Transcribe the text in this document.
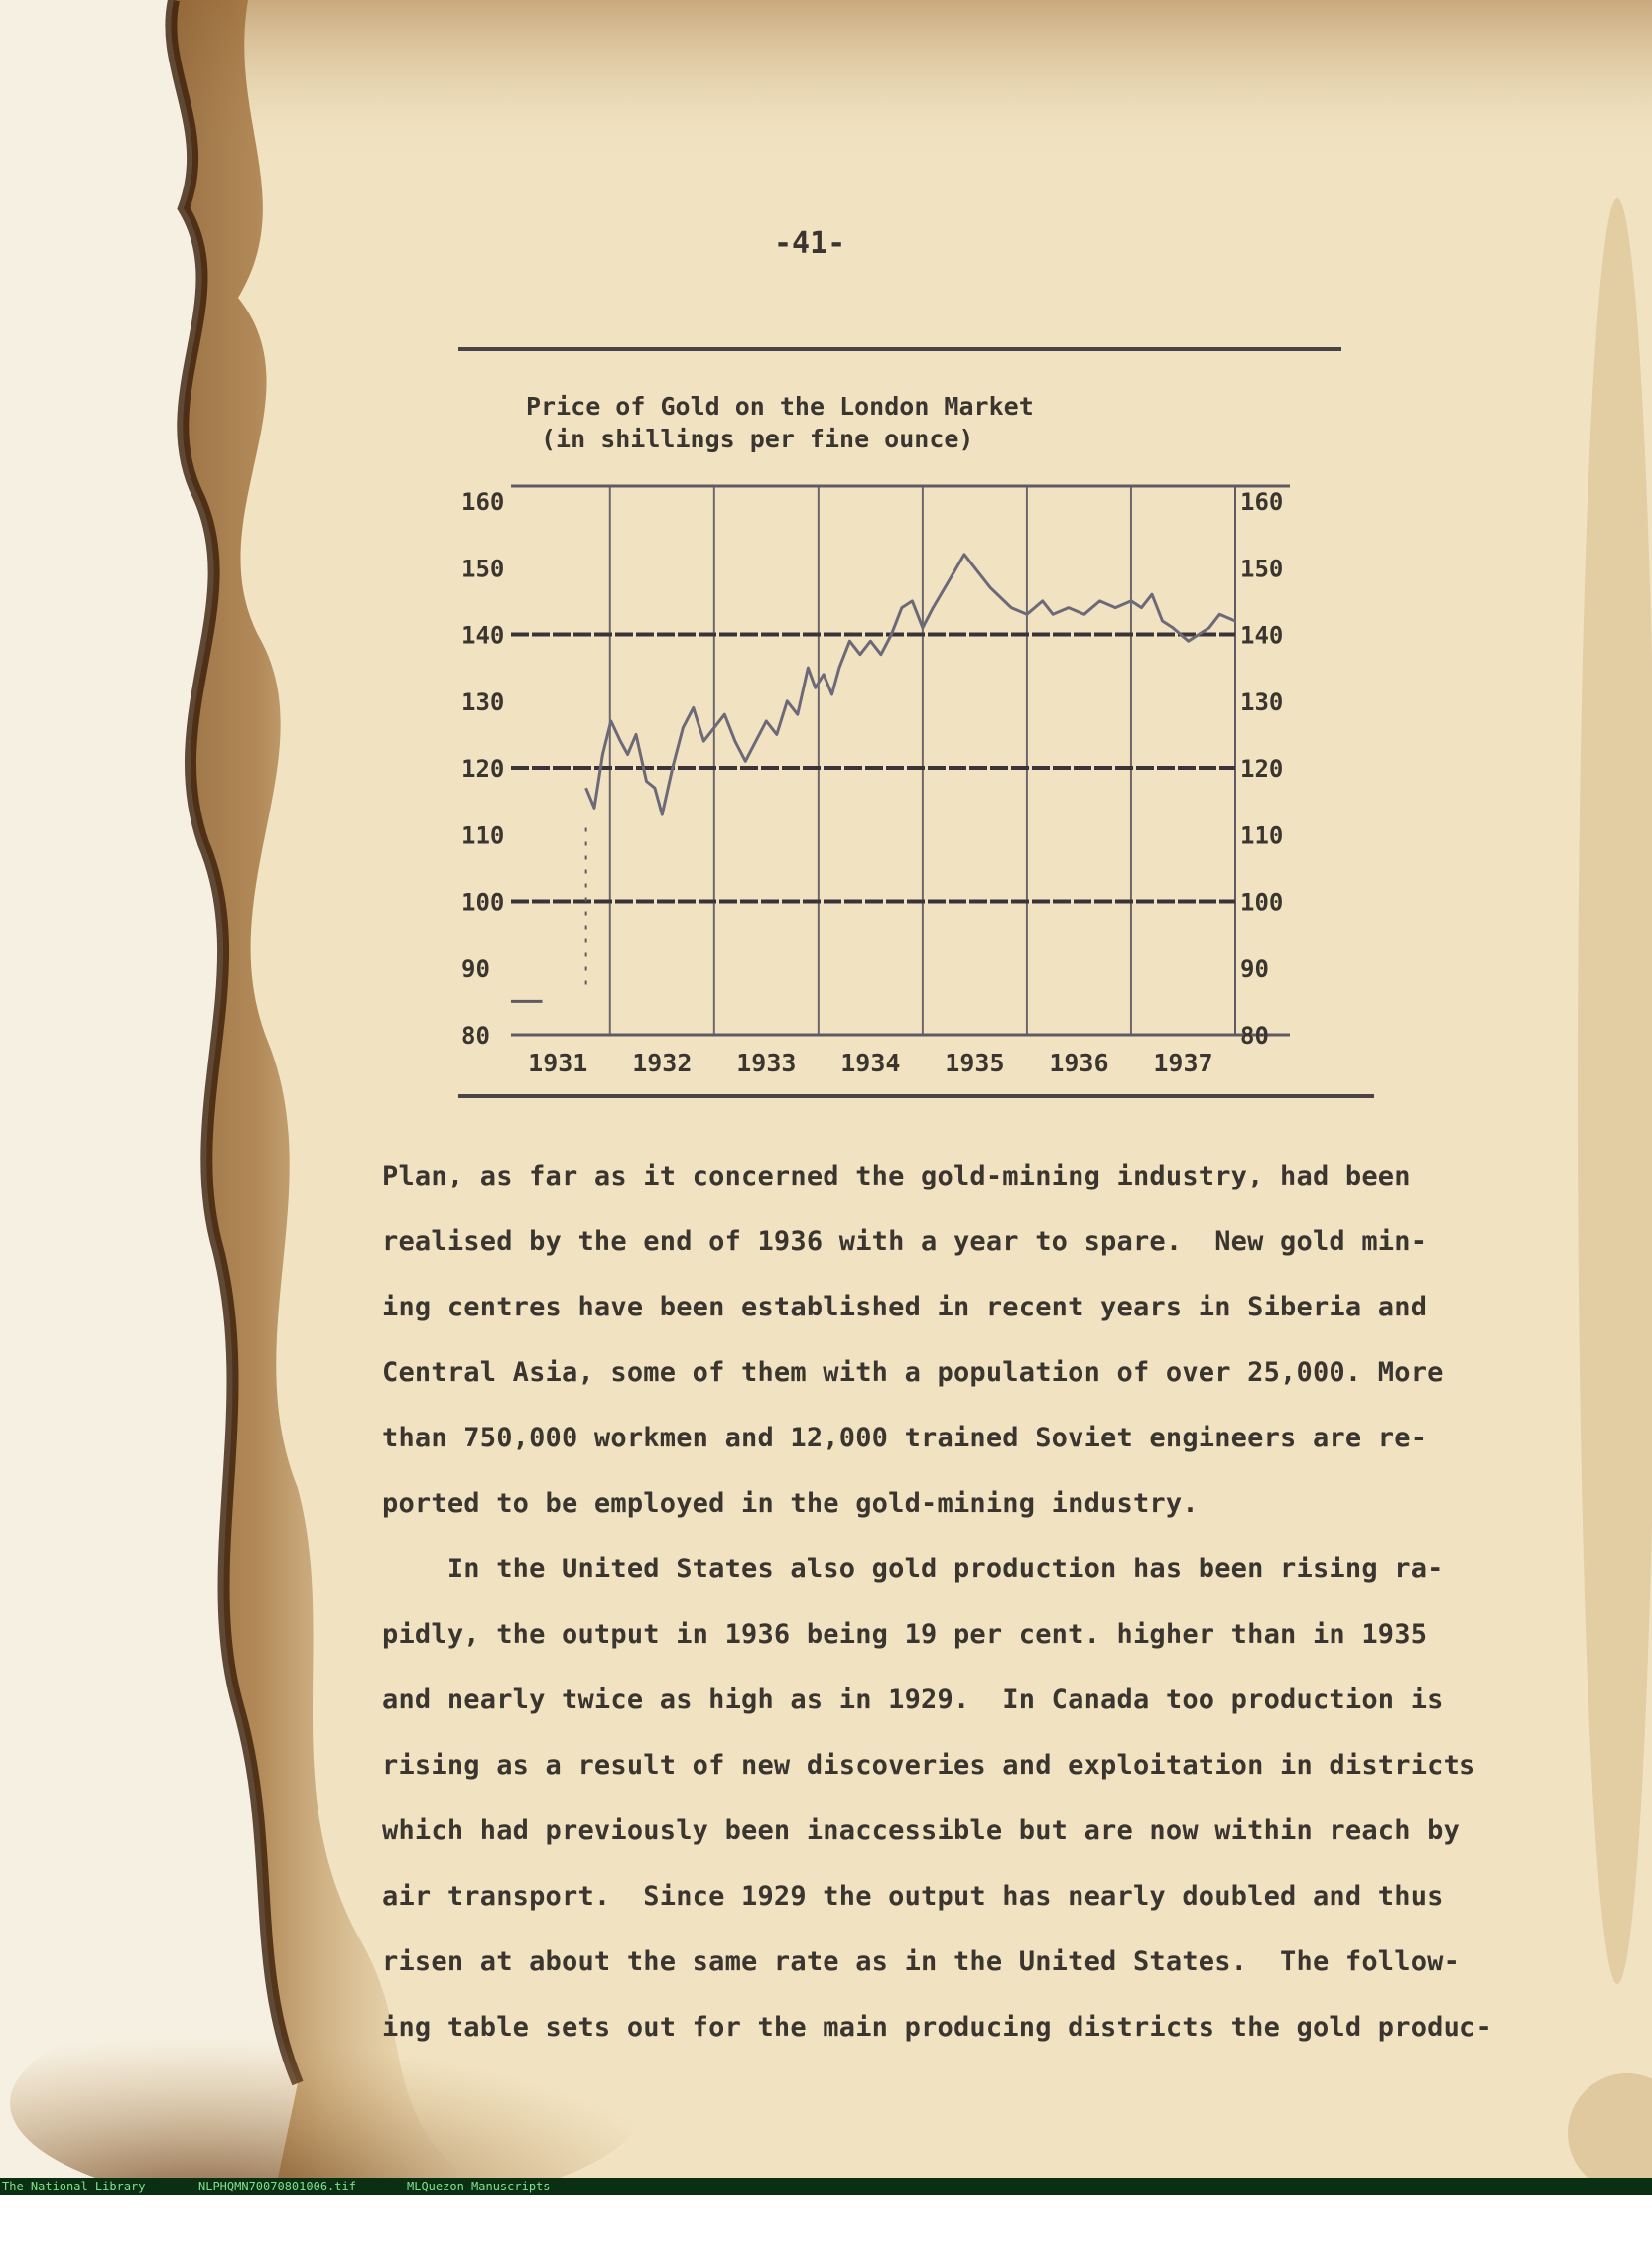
-41-
Price of Gold on the London Market
(in shillings per fine ounce)
160
150
140
130
120
110
100
90
80
160
150
140
130
120
110
100
90
80
1931 1932 1933 1934 1935 1936 1937
Plan, as far as it concerned the gold-mining industry, had been
realised by the end of 1936 with a year to spare.  New gold min-
ing centres have been established in recent years in Siberia and
Central Asia, some of them with a population of over 25,000. More
than 750,000 workmen and 12,000 trained Soviet engineers are re-
ported to be employed in the gold-mining industry.
In the United States also gold production has been rising ra-
pidly, the output in 1936 being 19 per cent. higher than in 1935
and nearly twice as high as in 1929.  In Canada too production is
rising as a result of new discoveries and exploitation in districts
which had previously been inaccessible but are now within reach by
air transport.  Since 1929 the output has nearly doubled and thus
risen at about the same rate as in the United States.  The follow-
ing table sets out for the main producing districts the gold produc-

The National Library

	NLPHQMN70070801006.tif

	MLQuezon Manuscripts
